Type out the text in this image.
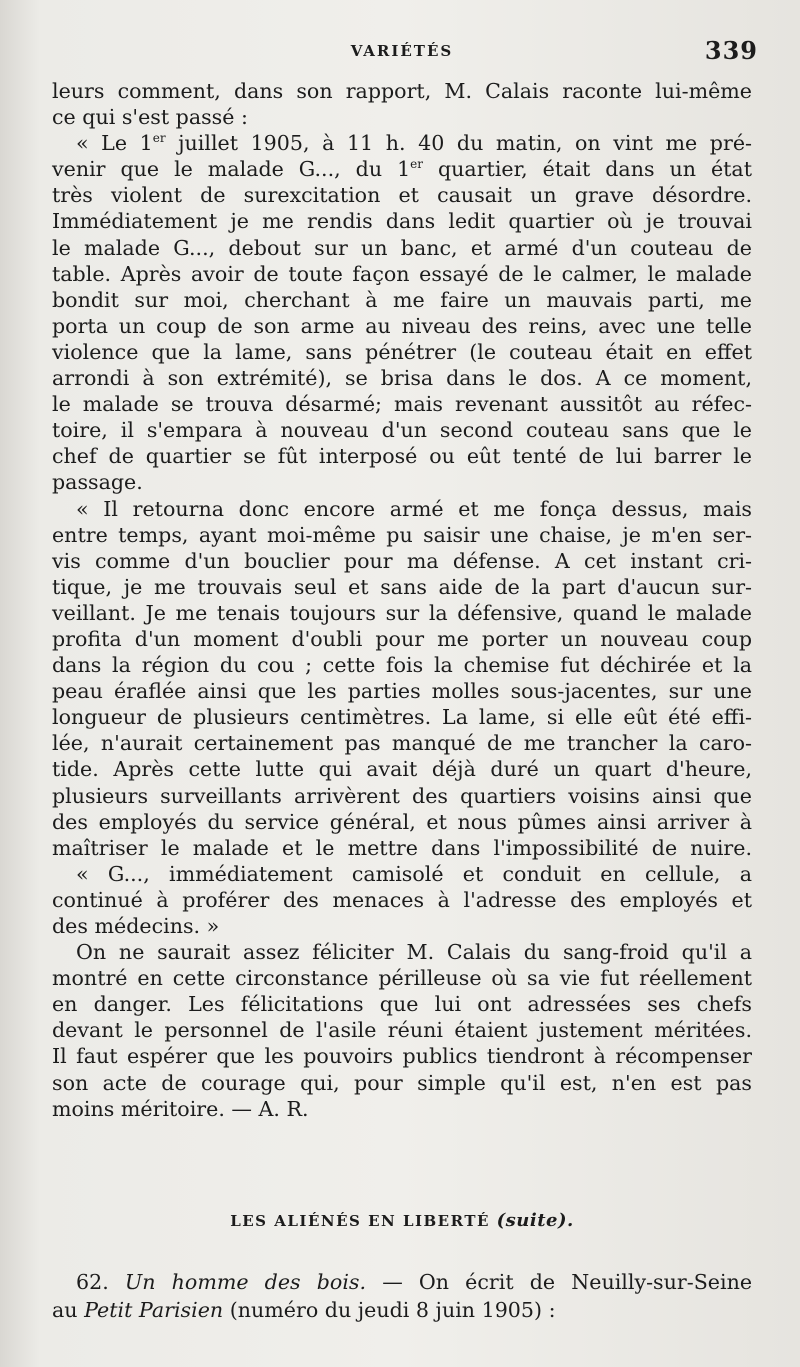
VARIÉTÉS	339
leurs comment, dans son rapport, M. Calais raconte lui-même
ce qui s'est passé :
« Le 1er juillet 1905, à 11 h. 40 du matin, on vint me pré-
venir que le malade G..., du 1er quartier, était dans un état
très violent de surexcitation et causait un grave désordre.
Immédiatement je me rendis dans ledit quartier où je trouvai
le malade G..., debout sur un banc, et armé d'un couteau de
table. Après avoir de toute façon essayé de le calmer, le malade
bondit sur moi, cherchant à me faire un mauvais parti, me
porta un coup de son arme au niveau des reins, avec une telle
violence que la lame, sans pénétrer (le couteau était en effet
arrondi à son extrémité), se brisa dans le dos. A ce moment,
le malade se trouva désarmé; mais revenant aussitôt au réfec-
toire, il s'empara à nouveau d'un second couteau sans que le
chef de quartier se fût interposé ou eût tenté de lui barrer le
passage.
« Il retourna donc encore armé et me fonça dessus, mais
entre temps, ayant moi-même pu saisir une chaise, je m'en ser-
vis comme d'un bouclier pour ma défense. A cet instant cri-
tique, je me trouvais seul et sans aide de la part d'aucun sur-
veillant. Je me tenais toujours sur la défensive, quand le malade
profita d'un moment d'oubli pour me porter un nouveau coup
dans la région du cou ; cette fois la chemise fut déchirée et la
peau éraflée ainsi que les parties molles sous-jacentes, sur une
longueur de plusieurs centimètres. La lame, si elle eût été effi-
lée, n'aurait certainement pas manqué de me trancher la caro-
tide. Après cette lutte qui avait déjà duré un quart d'heure,
plusieurs surveillants arrivèrent des quartiers voisins ainsi que
des employés du service général, et nous pûmes ainsi arriver à
maîtriser le malade et le mettre dans l'impossibilité de nuire.
« G..., immédiatement camisolé et conduit en cellule, a
continué à proférer des menaces à l'adresse des employés et
des médecins. »
On ne saurait assez féliciter M. Calais du sang-froid qu'il a
montré en cette circonstance périlleuse où sa vie fut réellement
en danger. Les félicitations que lui ont adressées ses chefs
devant le personnel de l'asile réuni étaient justement méritées.
Il faut espérer que les pouvoirs publics tiendront à récompenser
son acte de courage qui, pour simple qu'il est, n'en est pas
moins méritoire. — A. R.
LES ALIÉNÉS EN LIBERTÉ (suite).
62. Un homme des bois. — On écrit de Neuilly-sur-Seine
au Petit Parisien (numéro du jeudi 8 juin 1905) :
